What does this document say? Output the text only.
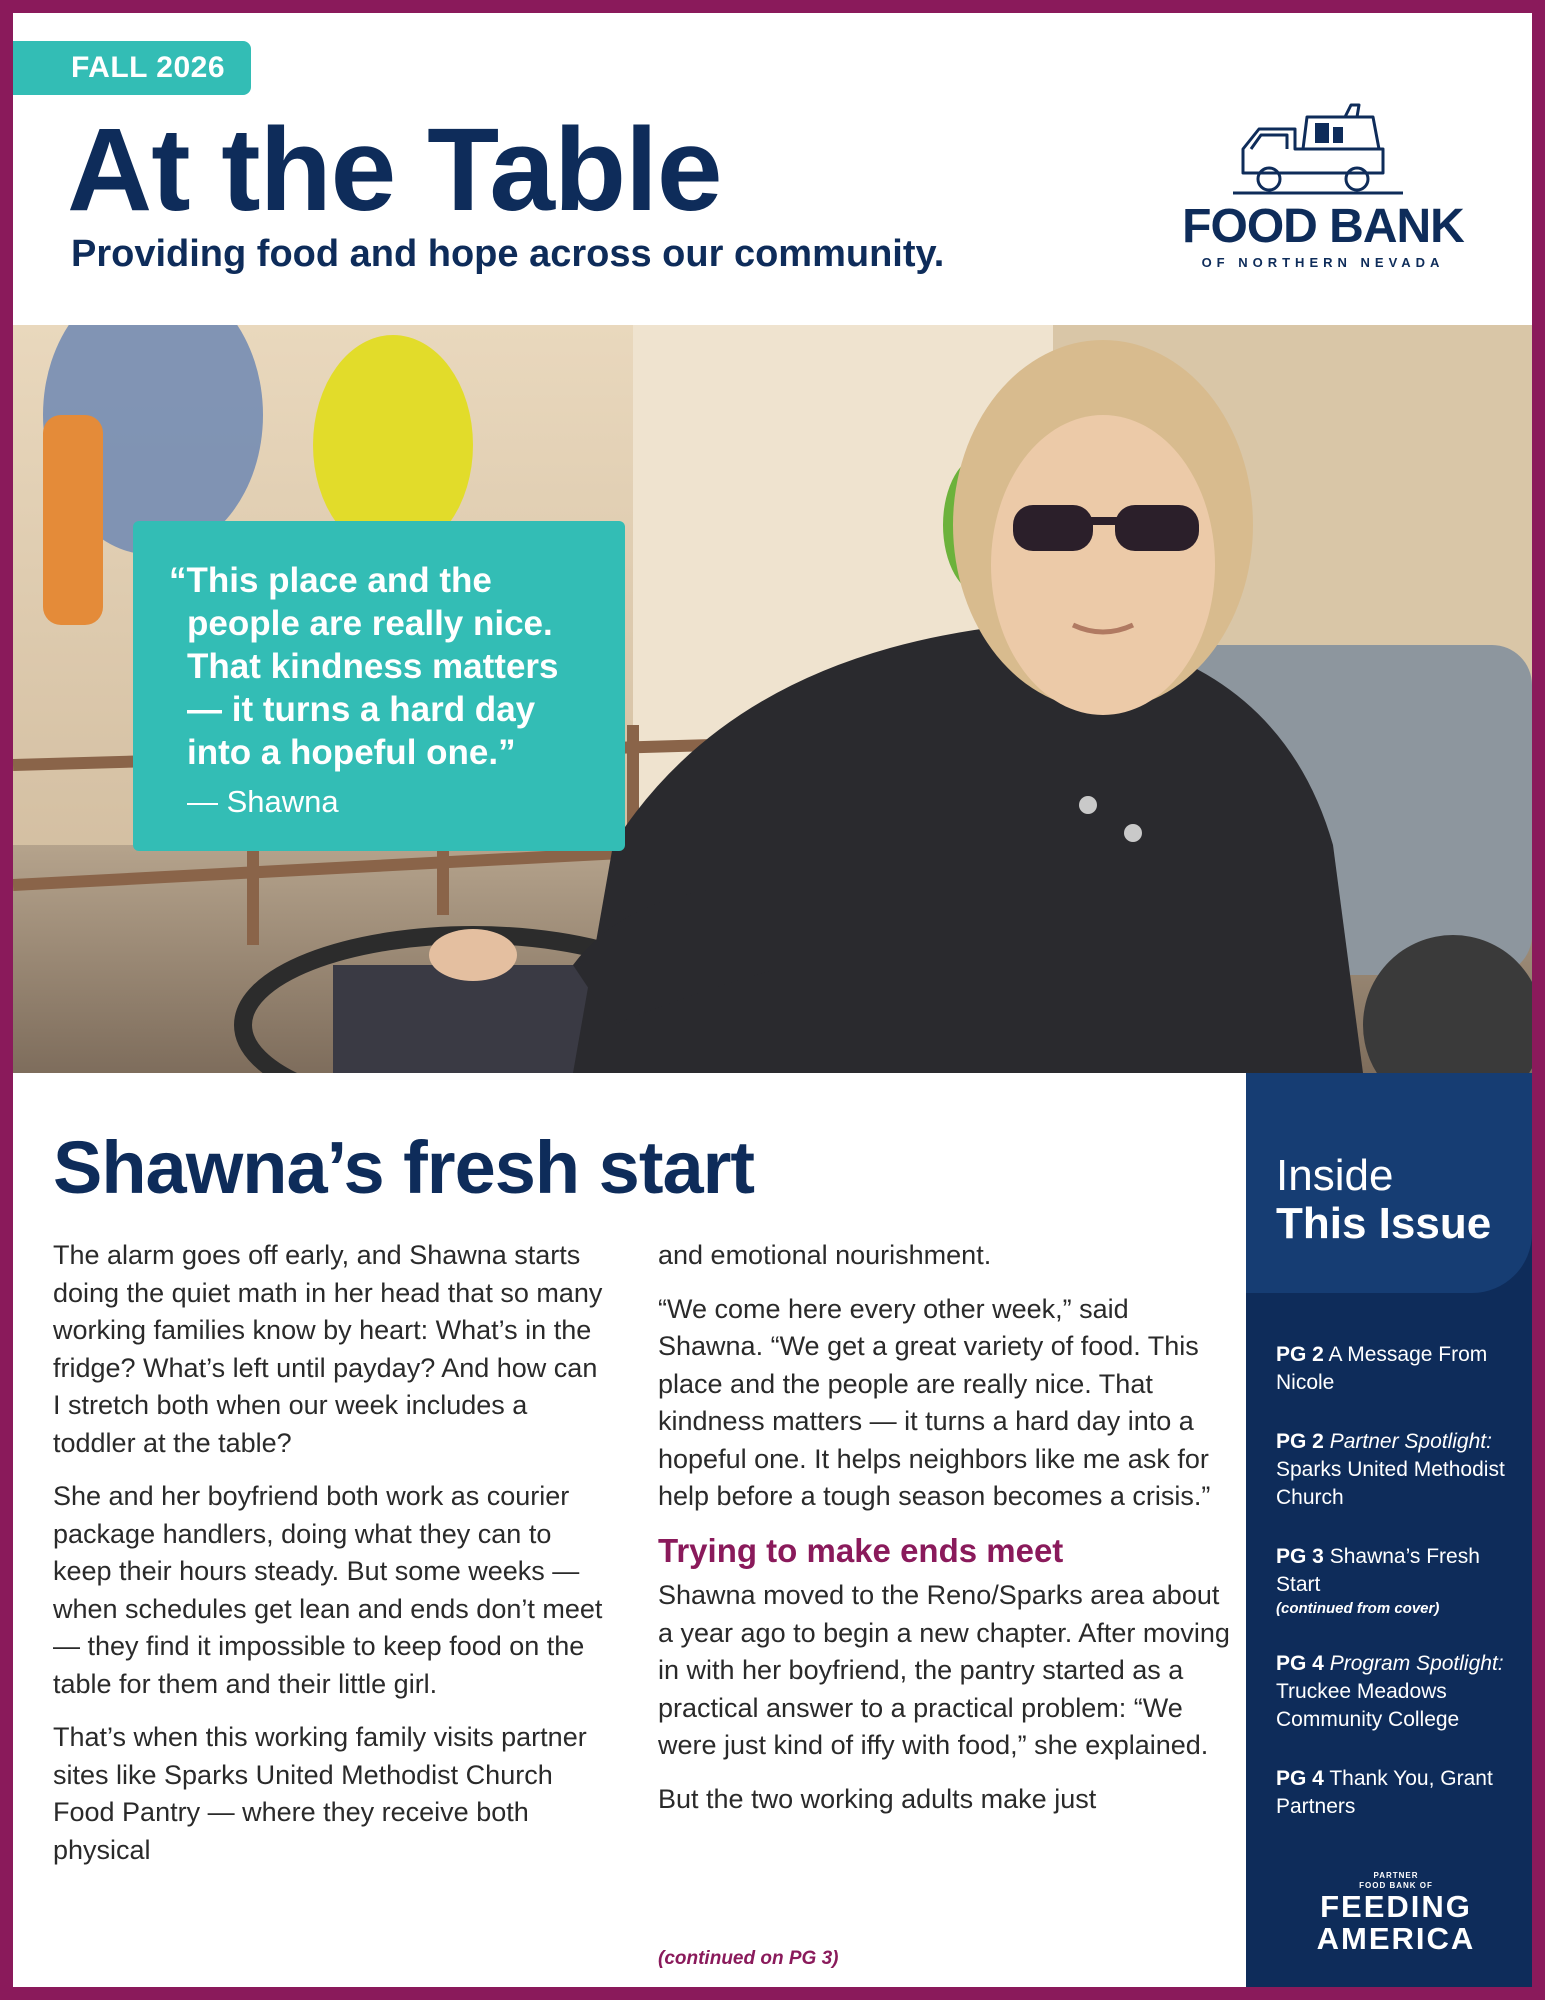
FALL 2026
At the Table

Providing food and hope across our community.

FOOD BANK
OF NORTHERN NEVADA

“This place and the people are really nice. That kindness matters — it turns a hard day into a hopeful one.”

— Shawna

Shawna’s fresh start

The alarm goes off early, and Shawna starts doing the quiet math in her head that so many working families know by heart: What’s in the fridge? What’s left until payday? And how can I stretch both when our week includes a toddler at the table?

She and her boyfriend both work as courier package handlers, doing what they can to keep their hours steady. But some weeks — when schedules get lean and ends don’t meet — they find it impossible to keep food on the table for them and their little girl.

That’s when this working family visits partner sites like Sparks United Methodist Church Food Pantry — where they receive both physical

and emotional nourishment.

“We come here every other week,” said Shawna. “We get a great variety of food. This place and the people are really nice. That kindness matters — it turns a hard day into a hopeful one. It helps neighbors like me ask for help before a tough season becomes a crisis.”

Trying to make ends meet

Shawna moved to the Reno/Sparks area about a year ago to begin a new chapter. After moving in with her boyfriend, the pantry started as a practical answer to a practical problem: “We were just kind of iffy with food,” she explained.

But the two working adults make just

(continued on PG 3)
Inside
This Issue
PG 2 A Message From Nicole
PG 2 Partner Spotlight: Sparks United Methodist Church
PG 3 Shawna’s Fresh Start
(continued from cover)
PG 4 Program Spotlight: Truckee Meadows Community College
PG 4 Thank You, Grant Partners
PARTNER
FOOD BANK OF
FEEDING
AMERICA
